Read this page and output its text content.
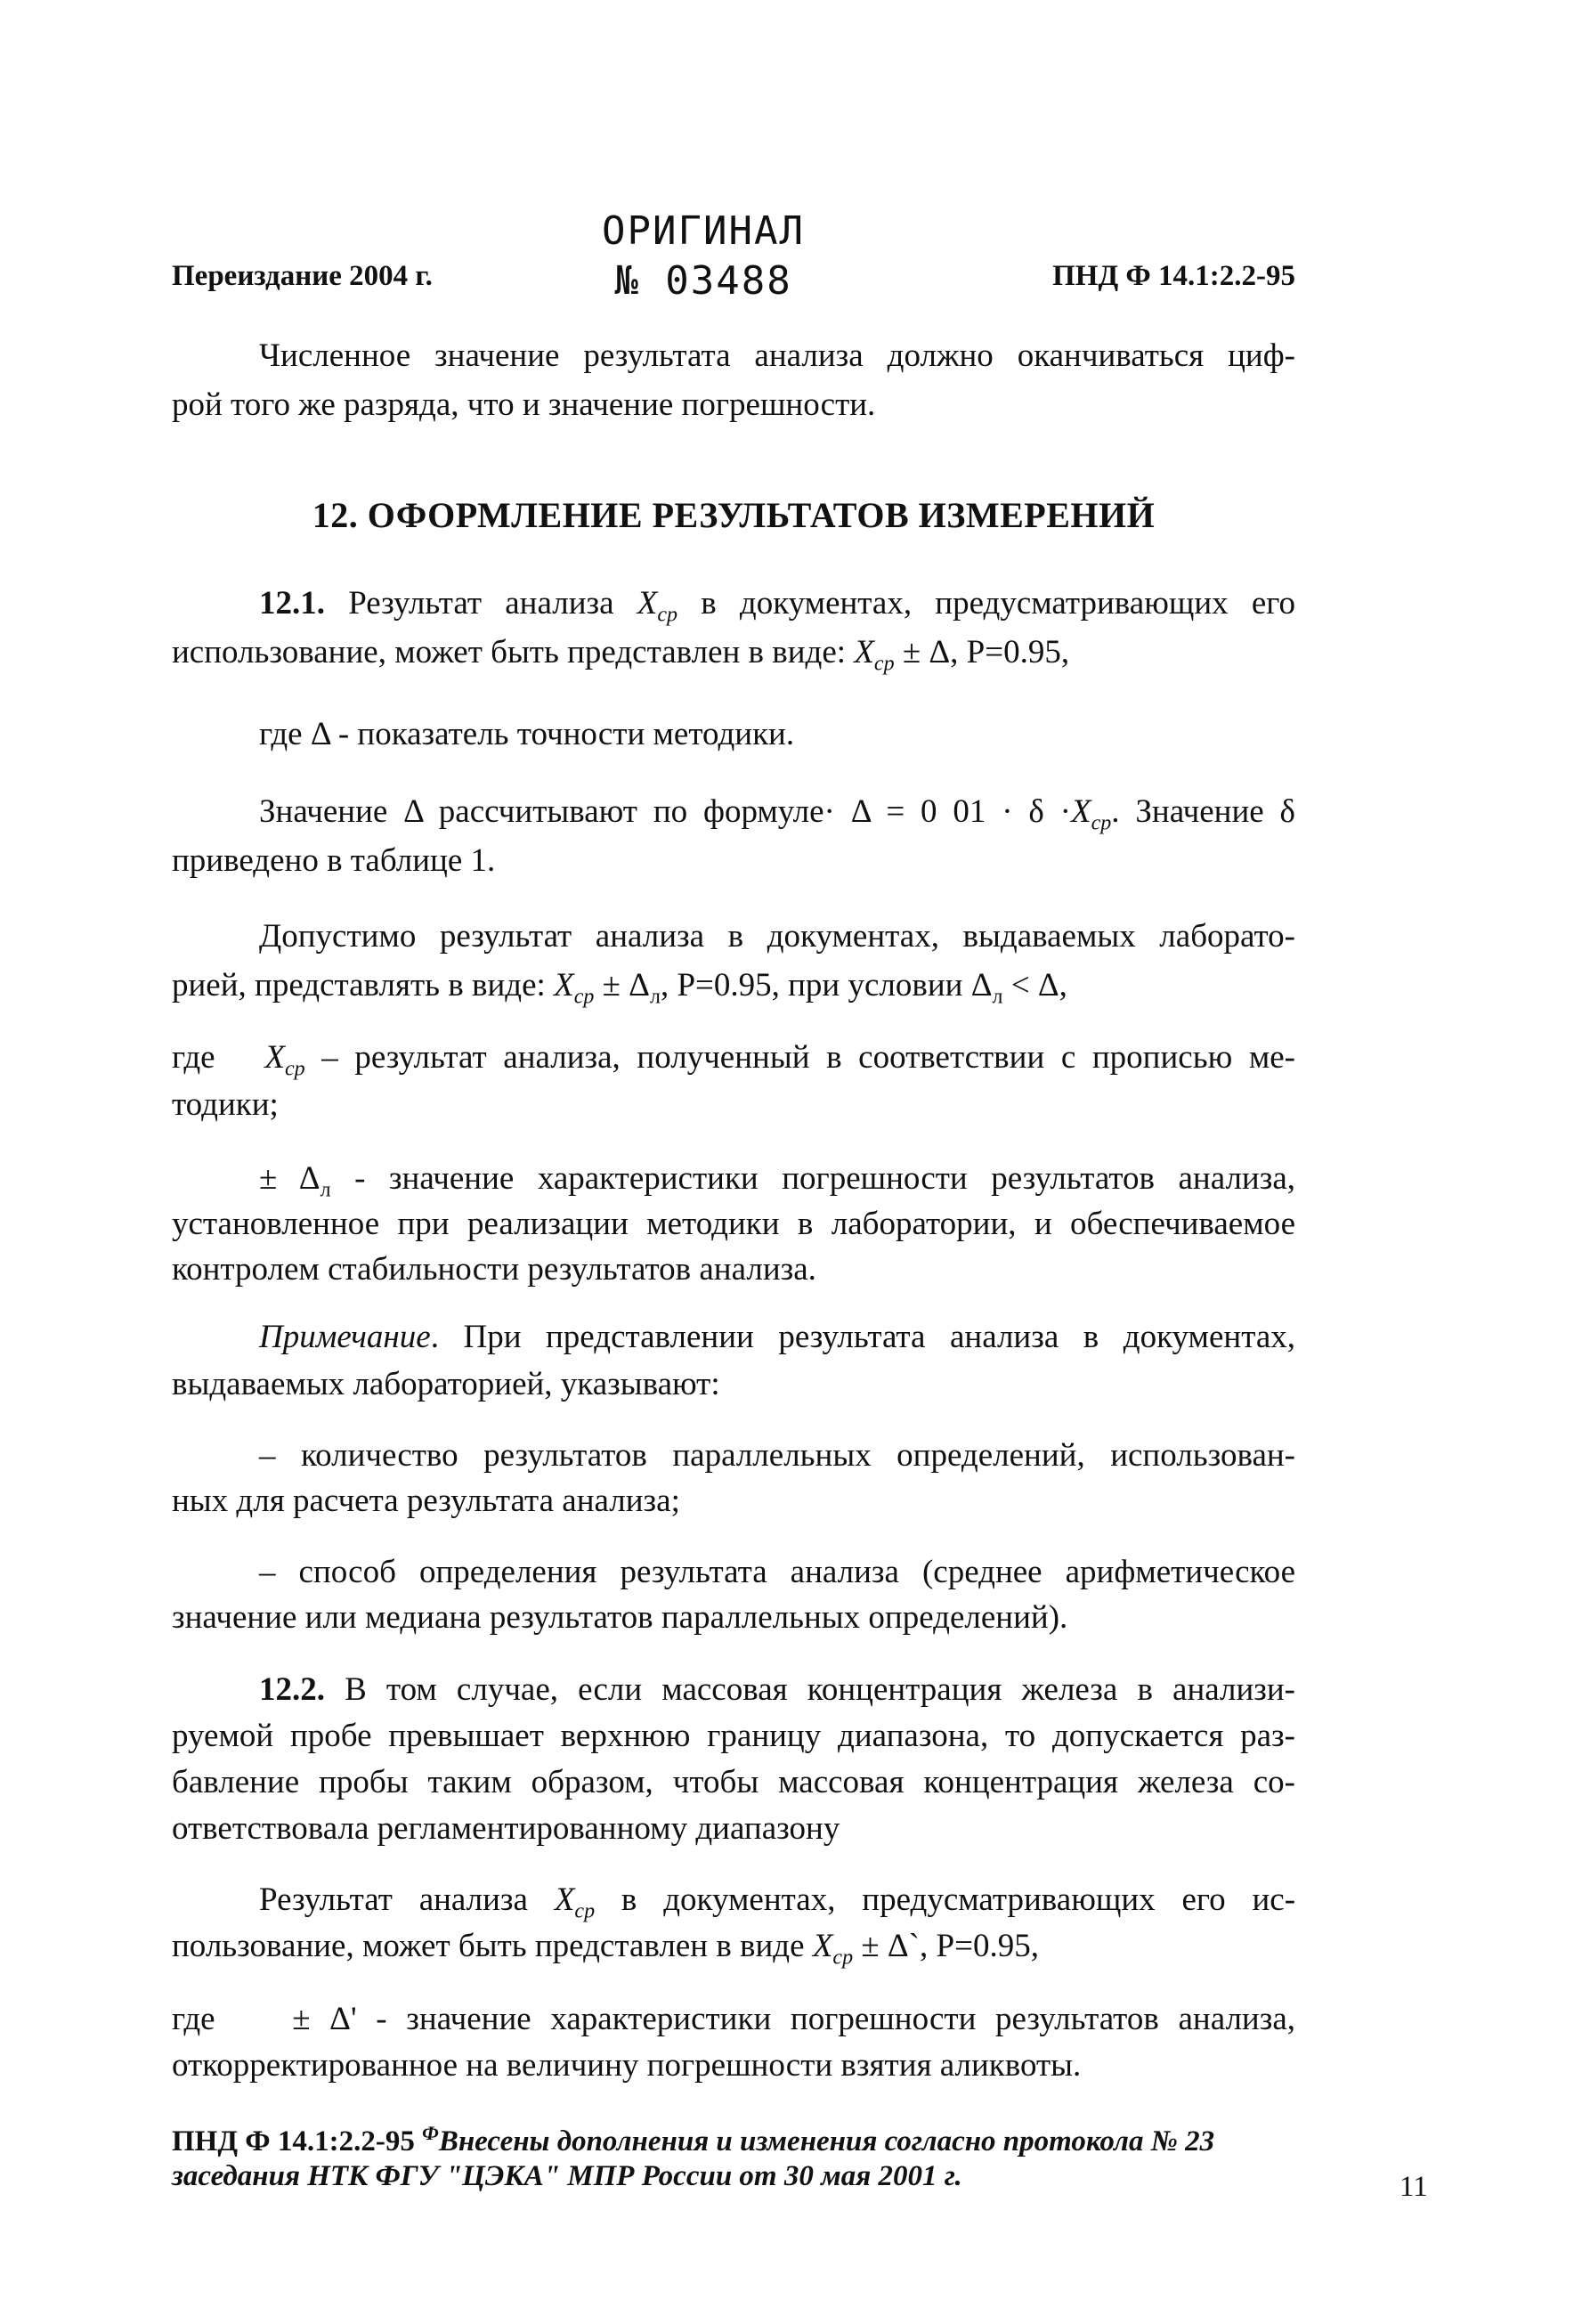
Переиздание 2004 г.
ОРИГИНАЛ
№ 03488	ПНД Ф 14.1:2.2-95
Численное значение результата анализа должно оканчиваться циф-
рой того же разряда, что и значение погрешности.
12. ОФОРМЛЕНИЕ РЕЗУЛЬТАТОВ ИЗМЕРЕНИЙ
12.1. Результат анализа $X_{ср}$ в документах, предусматривающих его
использование, может быть представлен в виде: $X_{ср} \pm \Delta$, P=0.95,
где Δ - показатель точности методики.
Значение Δ рассчитывают по формуле· Δ = 0 $01 \cdot \delta \cdot X_{ср}$. Значение δ
приведено в таблице 1.
Допустимо результат анализа в документах, выдаваемых лаборато-
рией, представлять в виде: $X_{ср} \pm \Delta_л$, P=0.95, при условии $\Delta_л < \Delta$,
где $X_{ср}$ – результат анализа, полученный в соответствии с прописью ме-
тодики;
± $\Delta_л$ - значение характеристики погрешности результатов анализа,
установленное при реализации методики в лаборатории, и обеспечиваемое
контролем стабильности результатов анализа.
Примечание. При представлении результата анализа в документах,
выдаваемых лабораторией, указывают:
– количество результатов параллельных определений, использован-
ных для расчета результата анализа;
– способ определения результата анализа (среднее арифметическое
значение или медиана результатов параллельных определений).
12.2. В том случае, если массовая концентрация железа в анализи-
руемой пробе превышает верхнюю границу диапазона, то допускается раз-
бавление пробы таким образом, чтобы массовая концентрация железа со-
ответствовала регламентированному диапазону
Результат анализа $X_{ср}$ в документах, предусматривающих его ис-
пользование, может быть представлен в виде $X_{ср}$ ± Δ`, P=0.95,
где ± Δ' - значение характеристики погрешности результатов анализа,
откорректированное на величину погрешности взятия аликвоты.
ПНД Ф 14.1:2.2-95 $^Ф$Внесены дополнения и изменения согласно протокола № 23
заседания НТК ФГУ "ЦЭКА" МПР России от 30 мая 2001 г.	11
